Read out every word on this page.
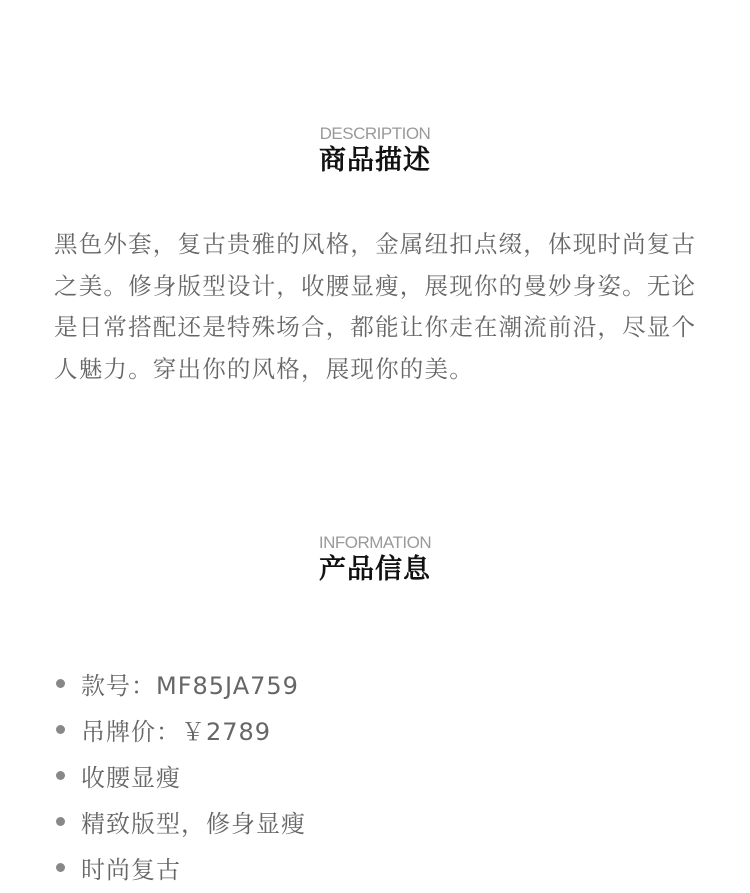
DESCRIPTION
商品描述

黑色外套，复古贵雅的风格，金属纽扣点缀，体现时尚复古之美。修身版型设计，收腰显瘦，展现你的曼妙身姿。无论是日常搭配还是特殊场合，都能让你走在潮流前沿，尽显个人魅力。穿出你的风格，展现你的美。

INFORMATION
产品信息
款号：MF85JA759
吊牌价：￥2789
收腰显瘦
精致版型，修身显瘦
时尚复古
